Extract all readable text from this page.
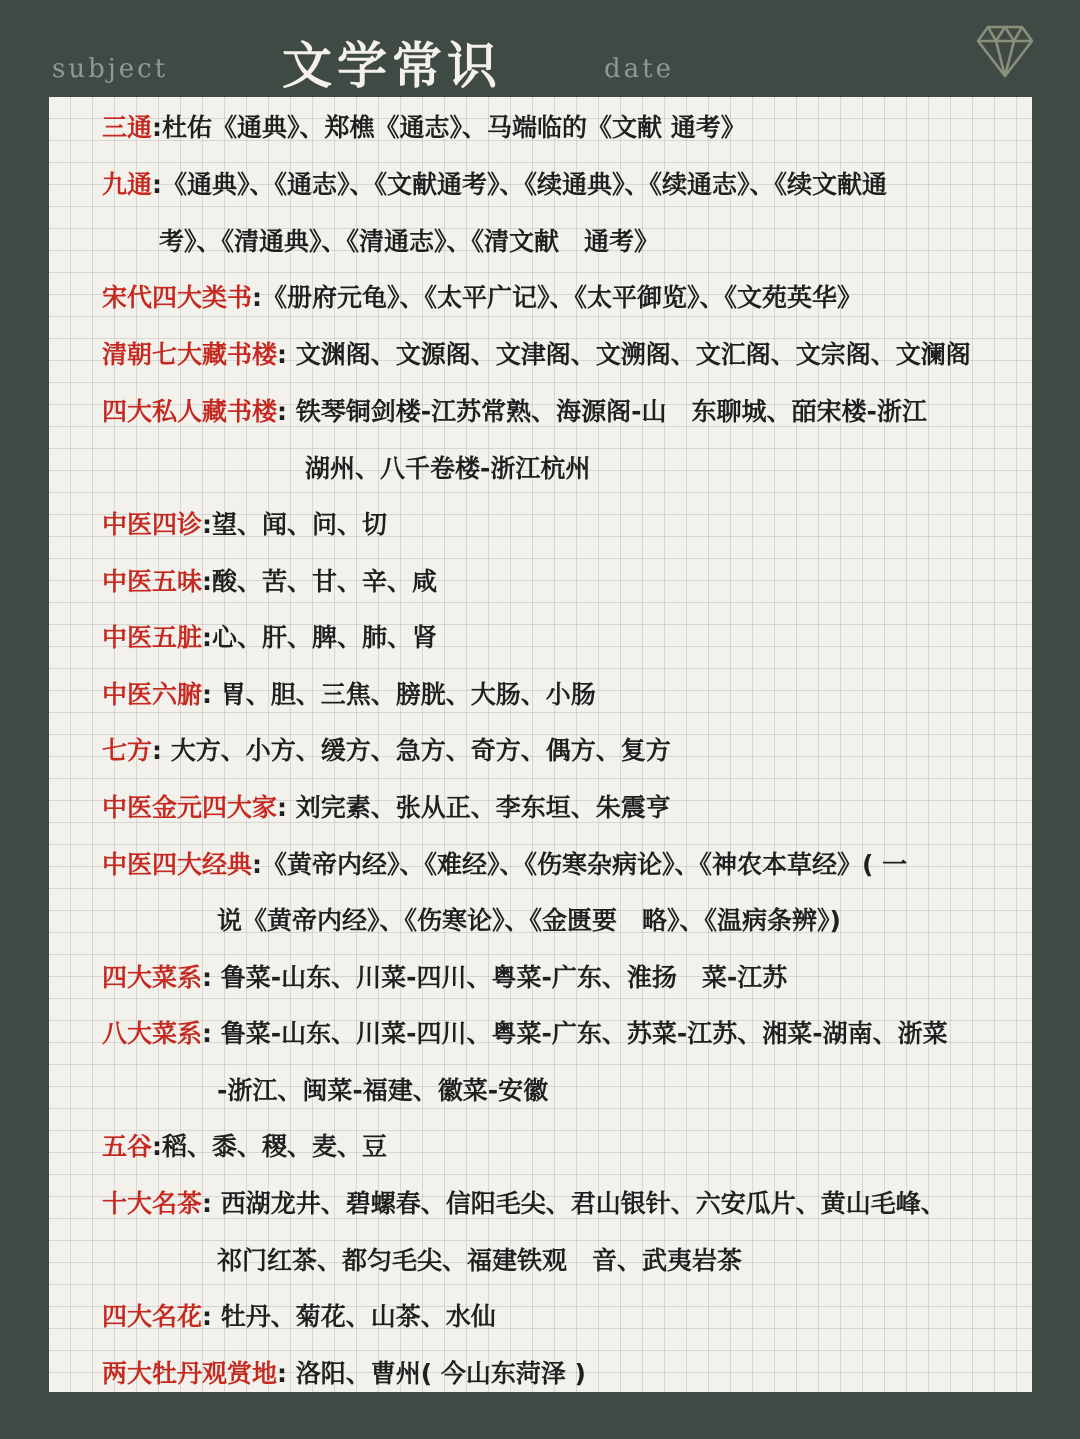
subject 文学常识	date
三通:杜佑《通典》、郑樵《通志》、马端临的《文献 通考》
九通:《通典》、《通志》、《文献通考》、《续通典》、《续通志》、《续文献通
考》、《清通典》、《清通志》、《清文献　通考》
宋代四大类书:《册府元龟》、《太平广记》、《太平御览》、《文苑英华》
清朝七大藏书楼: 文渊阁、文源阁、文津阁、文溯阁、文汇阁、文宗阁、文澜阁
四大私人藏书楼: 铁琴铜剑楼-江苏常熟、海源阁-山　东聊城、皕宋楼-浙江
湖州、八千卷楼-浙江杭州
中医四诊:望、闻、问、切
中医五味:酸、苦、甘、辛、咸
中医五脏:心、肝、脾、肺、肾
中医六腑: 胃、胆、三焦、膀胱、大肠、小肠
七方: 大方、小方、缓方、急方、奇方、偶方、复方
中医金元四大家: 刘完素、张从正、李东垣、朱震亨
中医四大经典:《黄帝内经》、《难经》、《伤寒杂病论》、《神农本草经》( 一
说《黄帝内经》、《伤寒论》、《金匮要　略》、《温病条辨》)
四大菜系: 鲁菜-山东、川菜-四川、粤菜-广东、淮扬　菜-江苏
八大菜系: 鲁菜-山东、川菜-四川、粤菜-广东、苏菜-江苏、湘菜-湖南、浙菜
-浙江、闽菜-福建、徽菜-安徽
五谷:稻、黍、稷、麦、豆
十大名茶: 西湖龙井、碧螺春、信阳毛尖、君山银针、六安瓜片、黄山毛峰、
祁门红茶、都匀毛尖、福建铁观　音、武夷岩茶
四大名花: 牡丹、菊花、山茶、水仙
两大牡丹观赏地: 洛阳、曹州( 今山东菏泽 )
